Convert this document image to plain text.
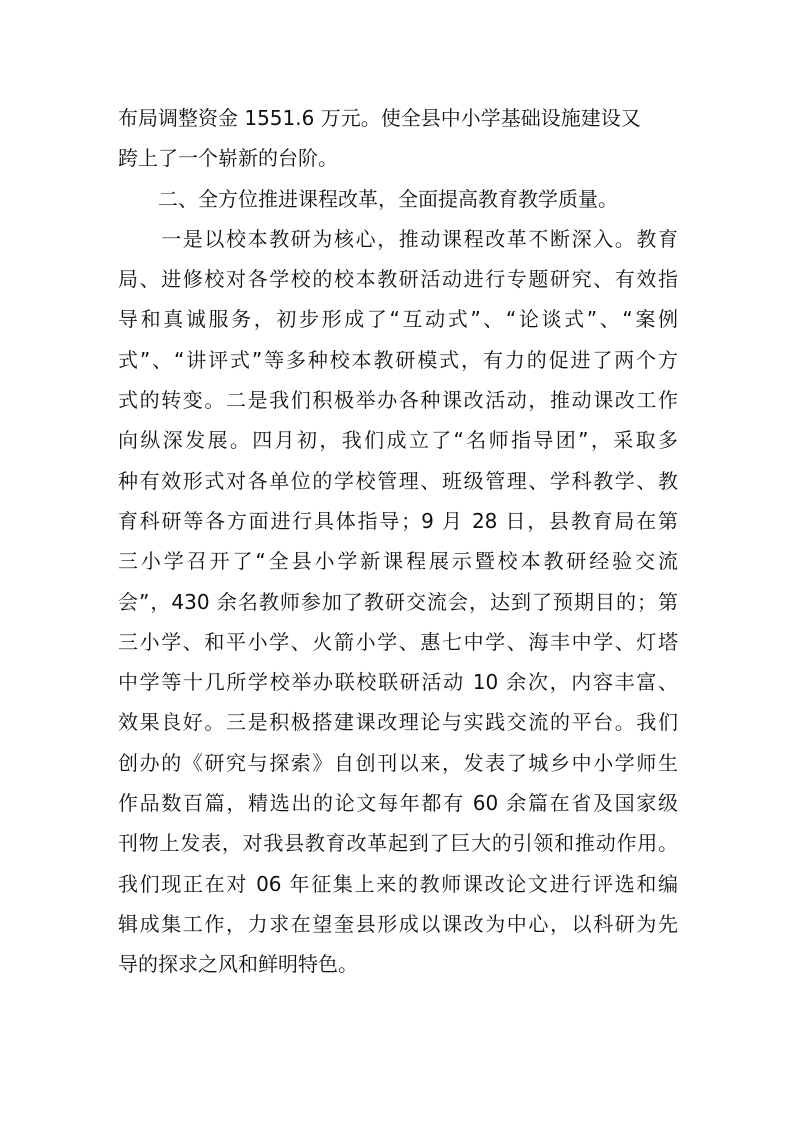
布局调整资金 1551.6 万元。使全县中小学基础设施建设又
跨上了一个崭新的台阶。
　　二、全方位推进课程改革，全面提高教育教学质量。
　　一是以校本教研为核心，推动课程改革不断深入。教育
局、进修校对各学校的校本教研活动进行专题研究、有效指
导和真诚服务，初步形成了“互动式”、“论谈式”、“案例
式”、“讲评式”等多种校本教研模式，有力的促进了两个方
式的转变。二是我们积极举办各种课改活动，推动课改工作
向纵深发展。四月初，我们成立了“名师指导团”，采取多
种有效形式对各单位的学校管理、班级管理、学科教学、教
育科研等各方面进行具体指导；9 月 28 日，县教育局在第
三小学召开了“全县小学新课程展示暨校本教研经验交流
会”，430 余名教师参加了教研交流会，达到了预期目的；第
三小学、和平小学、火箭小学、惠七中学、海丰中学、灯塔
中学等十几所学校举办联校联研活动 10 余次，内容丰富、
效果良好。三是积极搭建课改理论与实践交流的平台。我们
创办的《研究与探索》自创刊以来，发表了城乡中小学师生
作品数百篇，精选出的论文每年都有 60 余篇在省及国家级
刊物上发表，对我县教育改革起到了巨大的引领和推动作用。
我们现正在对 06 年征集上来的教师课改论文进行评选和编
辑成集工作，力求在望奎县形成以课改为中心，以科研为先
导的探求之风和鲜明特色。
